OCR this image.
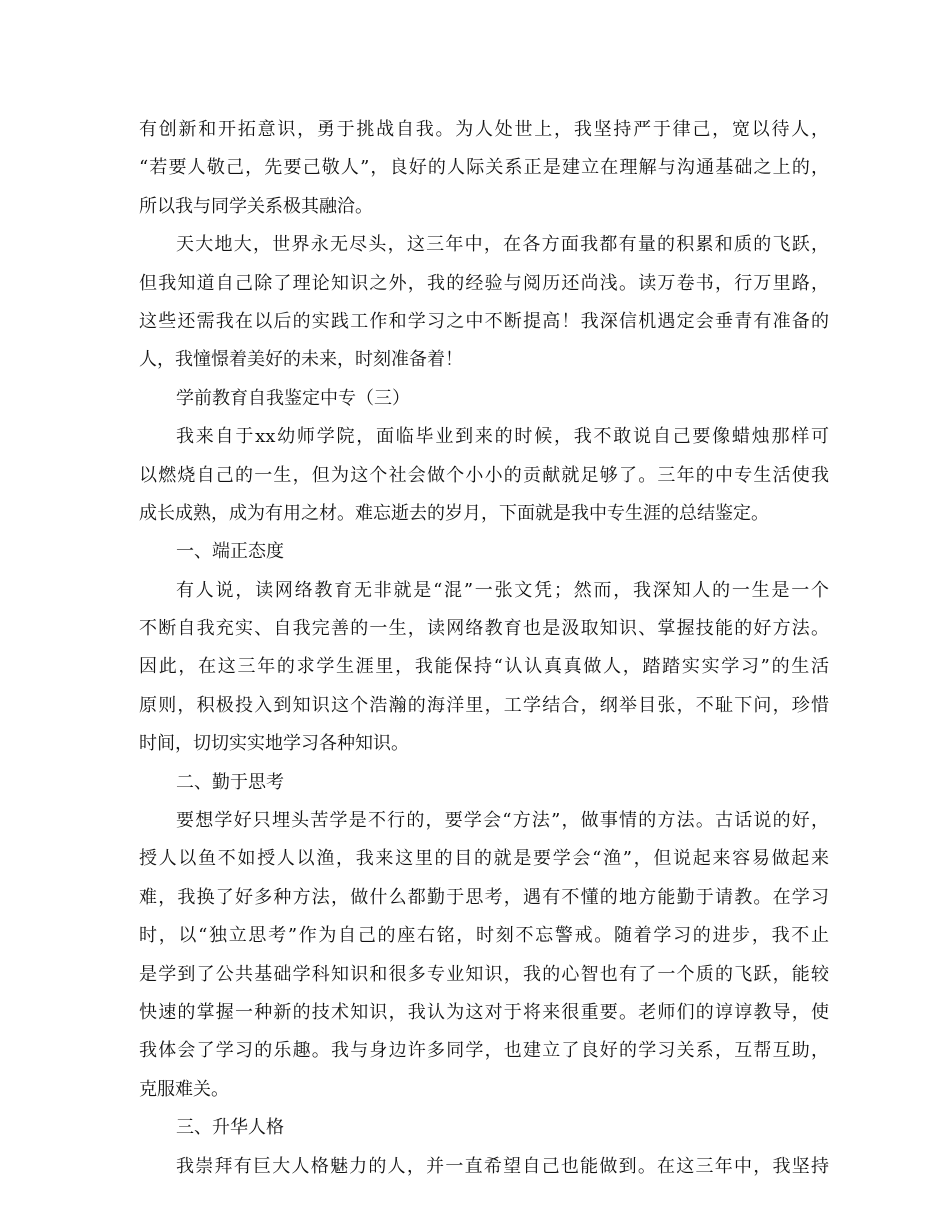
有创新和开拓意识，勇于挑战自我。为人处世上，我坚持严于律己，宽以待人，
“若要人敬己，先要己敬人”，良好的人际关系正是建立在理解与沟通基础之上的，
所以我与同学关系极其融洽。
天大地大，世界永无尽头，这三年中，在各方面我都有量的积累和质的飞跃，
但我知道自己除了理论知识之外，我的经验与阅历还尚浅。读万卷书，行万里路，
这些还需我在以后的实践工作和学习之中不断提高！我深信机遇定会垂青有准备的
人，我憧憬着美好的未来，时刻准备着！
学前教育自我鉴定中专（三）
我来自于xx幼师学院，面临毕业到来的时候，我不敢说自己要像蜡烛那样可
以燃烧自己的一生，但为这个社会做个小小的贡献就足够了。三年的中专生活使我
成长成熟，成为有用之材。难忘逝去的岁月，下面就是我中专生涯的总结鉴定。
一、端正态度
有人说，读网络教育无非就是“混”一张文凭；然而，我深知人的一生是一个
不断自我充实、自我完善的一生，读网络教育也是汲取知识、掌握技能的好方法。
因此，在这三年的求学生涯里，我能保持“认认真真做人，踏踏实实学习”的生活
原则，积极投入到知识这个浩瀚的海洋里，工学结合，纲举目张，不耻下问，珍惜
时间，切切实实地学习各种知识。
二、勤于思考
要想学好只埋头苦学是不行的，要学会“方法”，做事情的方法。古话说的好，
授人以鱼不如授人以渔，我来这里的目的就是要学会“渔”，但说起来容易做起来
难，我换了好多种方法，做什么都勤于思考，遇有不懂的地方能勤于请教。在学习
时，以“独立思考”作为自己的座右铭，时刻不忘警戒。随着学习的进步，我不止
是学到了公共基础学科知识和很多专业知识，我的心智也有了一个质的飞跃，能较
快速的掌握一种新的技术知识，我认为这对于将来很重要。老师们的谆谆教导，使
我体会了学习的乐趣。我与身边许多同学，也建立了良好的学习关系，互帮互助，
克服难关。
三、升华人格
我崇拜有巨大人格魅力的人，并一直希望自己也能做到。在这三年中，我坚持
